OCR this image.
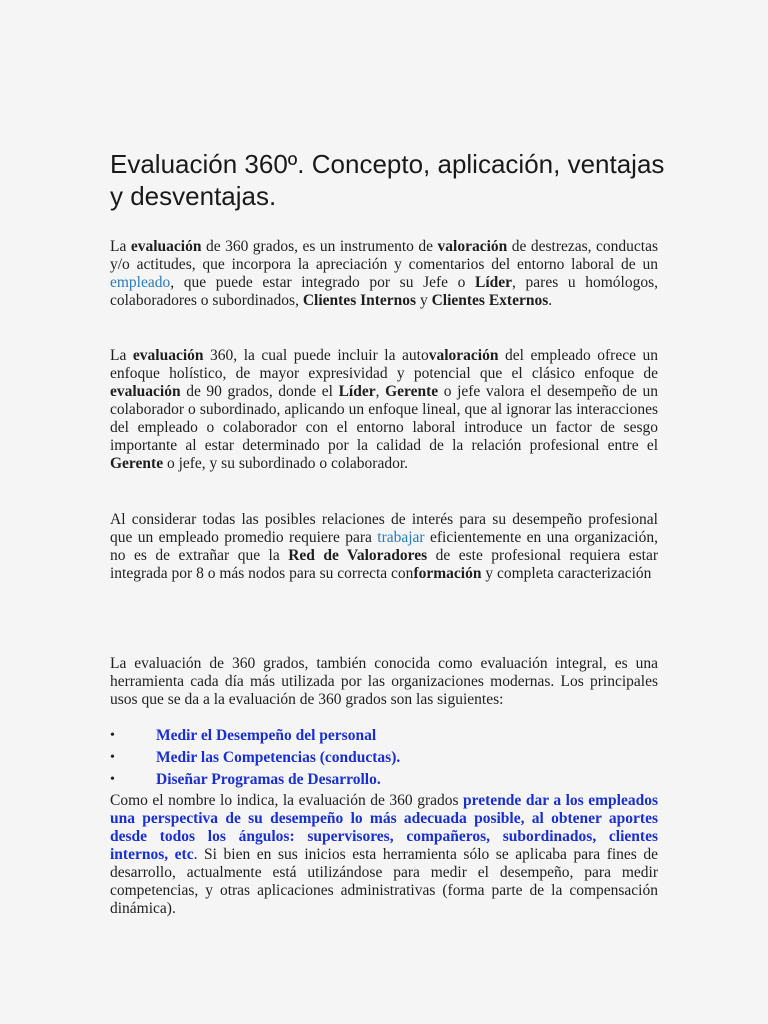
Evaluación 360º. Concepto, aplicación, ventajas y desventajas.

La evaluación de 360 grados, es un instrumento de valoración de destrezas, conductas y/o actitudes, que incorpora la apreciación y comentarios del entorno laboral de un empleado, que puede estar integrado por su Jefe o Líder, pares u homólogos, colaboradores o subordinados, Clientes Internos y Clientes Externos.

La evaluación 360, la cual puede incluir la autovaloración del empleado ofrece un enfoque holístico, de mayor expresividad y potencial que el clásico enfoque de evaluación de 90 grados, donde el Líder, Gerente o jefe valora el desempeño de un colaborador o subordinado, aplicando un enfoque lineal, que al ignorar las interacciones del empleado o colaborador con el entorno laboral introduce un factor de sesgo importante al estar determinado por la calidad de la relación profesional entre el Gerente o jefe, y su subordinado o colaborador.

Al considerar todas las posibles relaciones de interés para su desempeño profesional que un empleado promedio requiere para trabajar eficientemente en una organización, no es de extrañar que la Red de Valoradores de este profesional requiera estar integrada por 8 o más nodos para su correcta conformación y completa caracterización

La evaluación de 360 grados, también conocida como evaluación integral, es una herramienta cada día más utilizada por las organizaciones modernas. Los principales usos que se da a la evaluación de 360 grados son las siguientes:

•	Medir el Desempeño del personal
•	Medir las Competencias (conductas).
•	Diseñar Programas de Desarrollo.

Como el nombre lo indica, la evaluación de 360 grados pretende dar a los empleados una perspectiva de su desempeño lo más adecuada posible, al obtener aportes desde todos los ángulos: supervisores, compañeros, subordinados, clientes internos, etc. Si bien en sus inicios esta herramienta sólo se aplicaba para fines de desarrollo, actualmente está utilizándose para medir el desempeño, para medir competencias, y otras aplicaciones administrativas (forma parte de la compensación dinámica).
